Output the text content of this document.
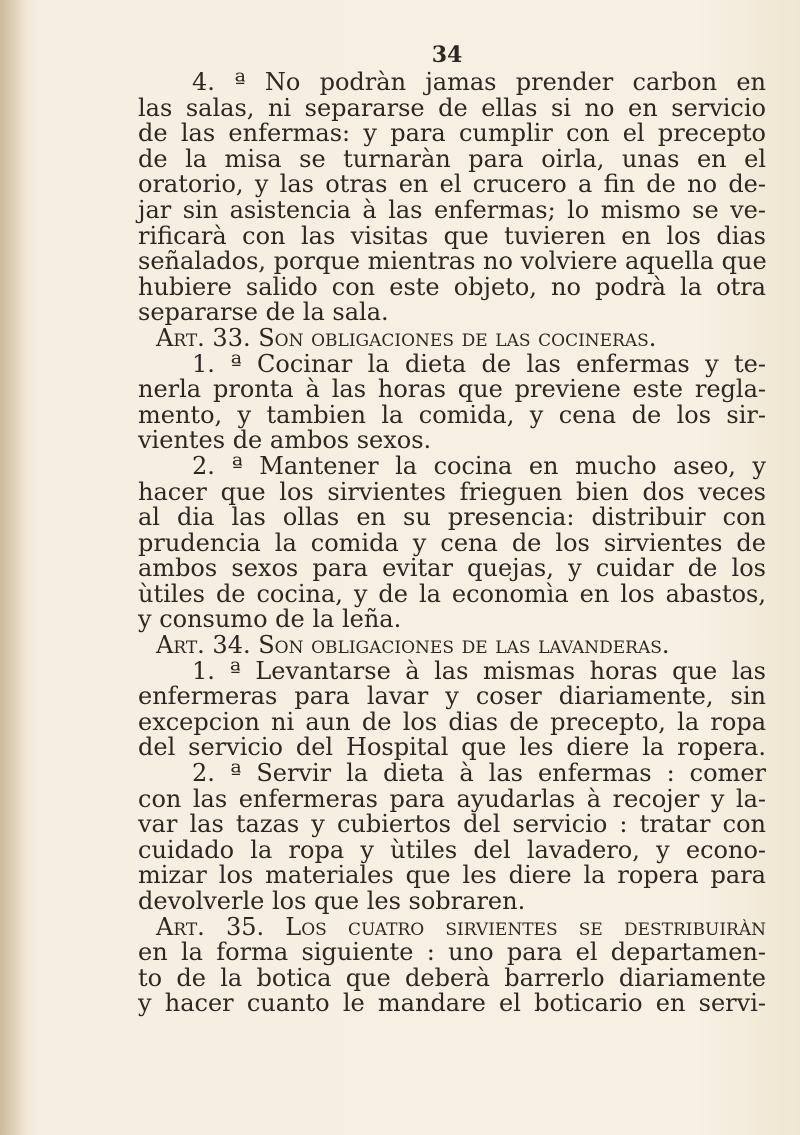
34
4. ª No podràn jamas prender carbon en
las salas, ni separarse de ellas si no en servicio
de las enfermas: y para cumplir con el precepto
de la misa se turnaràn para oirla, unas en el
oratorio, y las otras en el crucero a fin de no de-
jar sin asistencia à las enfermas; lo mismo se ve-
rificarà con las visitas que tuvieren en los dias
señalados, porque mientras no volviere aquella que
hubiere salido con este objeto, no podrà la otra
separarse de la sala.
Art. 33. Son obligaciones de las cocineras.
1. ª Cocinar la dieta de las enfermas y te-
nerla pronta à las horas que previene este regla-
mento, y tambien la comida, y cena de los sir-
vientes de ambos sexos.
2. ª Mantener la cocina en mucho aseo, y
hacer que los sirvientes frieguen bien dos veces
al dia las ollas en su presencia: distribuir con
prudencia la comida y cena de los sirvientes de
ambos sexos para evitar quejas, y cuidar de los
ùtiles de cocina, y de la economìa en los abastos,
y consumo de la leña.
Art. 34. Son obligaciones de las lavanderas.
1. ª Levantarse à las mismas horas que las
enfermeras para lavar y coser diariamente, sin
excepcion ni aun de los dias de precepto, la ropa
del servicio del Hospital que les diere la ropera.
2. ª Servir la dieta à las enfermas : comer
con las enfermeras para ayudarlas à recojer y la-
var las tazas y cubiertos del servicio : tratar con
cuidado la ropa y ùtiles del lavadero, y econo-
mizar los materiales que les diere la ropera para
devolverle los que les sobraren.
Art. 35. Los cuatro sirvientes se destribuiràn
en la forma siguiente : uno para el departamen-
to de la botica que deberà barrerlo diariamente
y hacer cuanto le mandare el boticario en servi-
